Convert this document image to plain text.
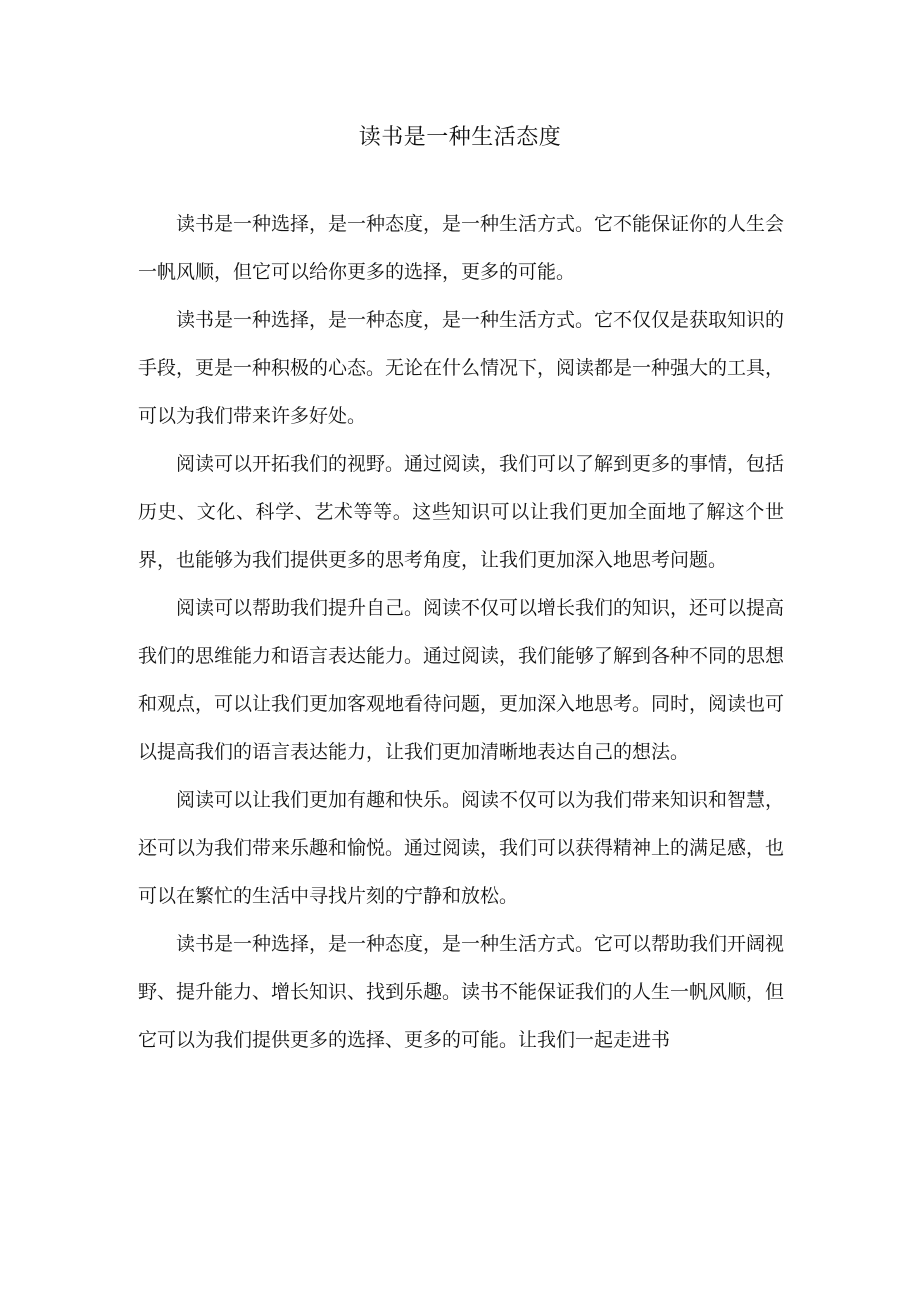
读书是一种生活态度

读书是一种选择，是一种态度，是一种生活方式。它不能保证你的人生会一帆风顺，但它可以给你更多的选择，更多的可能。

读书是一种选择，是一种态度，是一种生活方式。它不仅仅是获取知识的手段，更是一种积极的心态。无论在什么情况下，阅读都是一种强大的工具，可以为我们带来许多好处。

阅读可以开拓我们的视野。通过阅读，我们可以了解到更多的事情，包括历史、文化、科学、艺术等等。这些知识可以让我们更加全面地了解这个世界，也能够为我们提供更多的思考角度，让我们更加深入地思考问题。

阅读可以帮助我们提升自己。阅读不仅可以增长我们的知识，还可以提高我们的思维能力和语言表达能力。通过阅读，我们能够了解到各种不同的思想和观点，可以让我们更加客观地看待问题，更加深入地思考。同时，阅读也可以提高我们的语言表达能力，让我们更加清晰地表达自己的想法。

阅读可以让我们更加有趣和快乐。阅读不仅可以为我们带来知识和智慧，还可以为我们带来乐趣和愉悦。通过阅读，我们可以获得精神上的满足感，也可以在繁忙的生活中寻找片刻的宁静和放松。

读书是一种选择，是一种态度，是一种生活方式。它可以帮助我们开阔视野、提升能力、增长知识、找到乐趣。读书不能保证我们的人生一帆风顺，但它可以为我们提供更多的选择、更多的可能。让我们一起走进书
